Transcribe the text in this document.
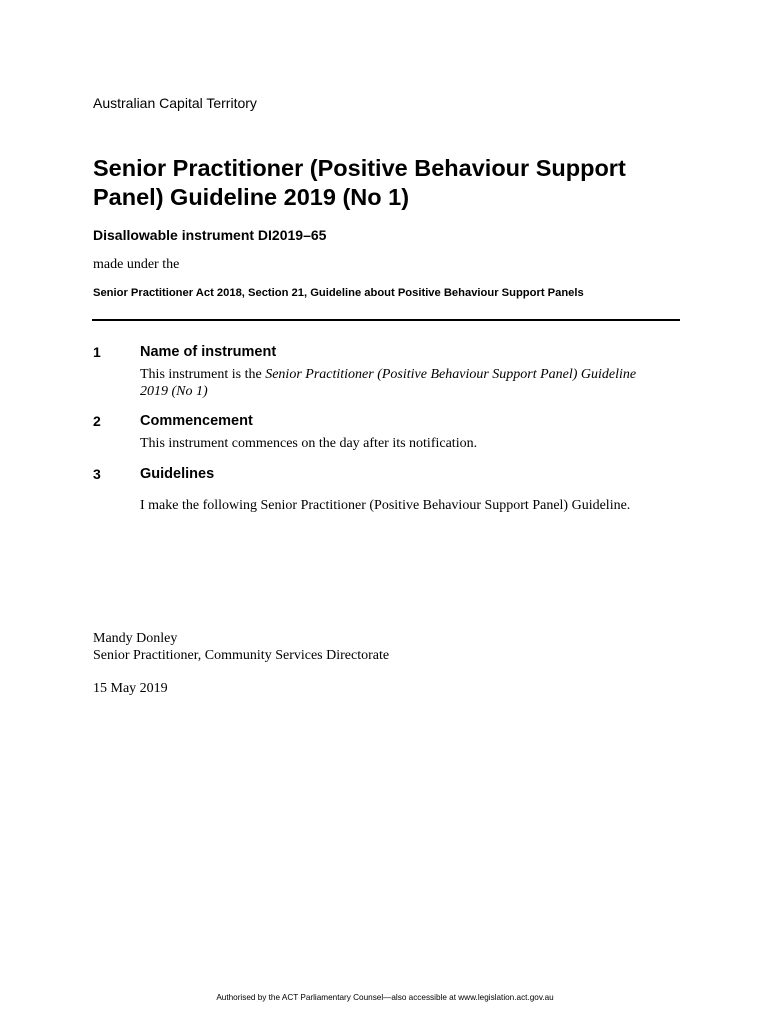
Australian Capital Territory
Senior Practitioner (Positive Behaviour Support Panel) Guideline 2019 (No 1)
Disallowable instrument DI2019–65
made under the
Senior Practitioner Act 2018, Section 21, Guideline about Positive Behaviour Support Panels
1	Name of instrument
This instrument is the Senior Practitioner (Positive Behaviour Support Panel) Guideline 2019 (No 1)
2	Commencement
This instrument commences on the day after its notification.
3	Guidelines
I make the following Senior Practitioner (Positive Behaviour Support Panel) Guideline.
Mandy Donley
Senior Practitioner, Community Services Directorate
15 May 2019
Authorised by the ACT Parliamentary Counsel—also accessible at www.legislation.act.gov.au
